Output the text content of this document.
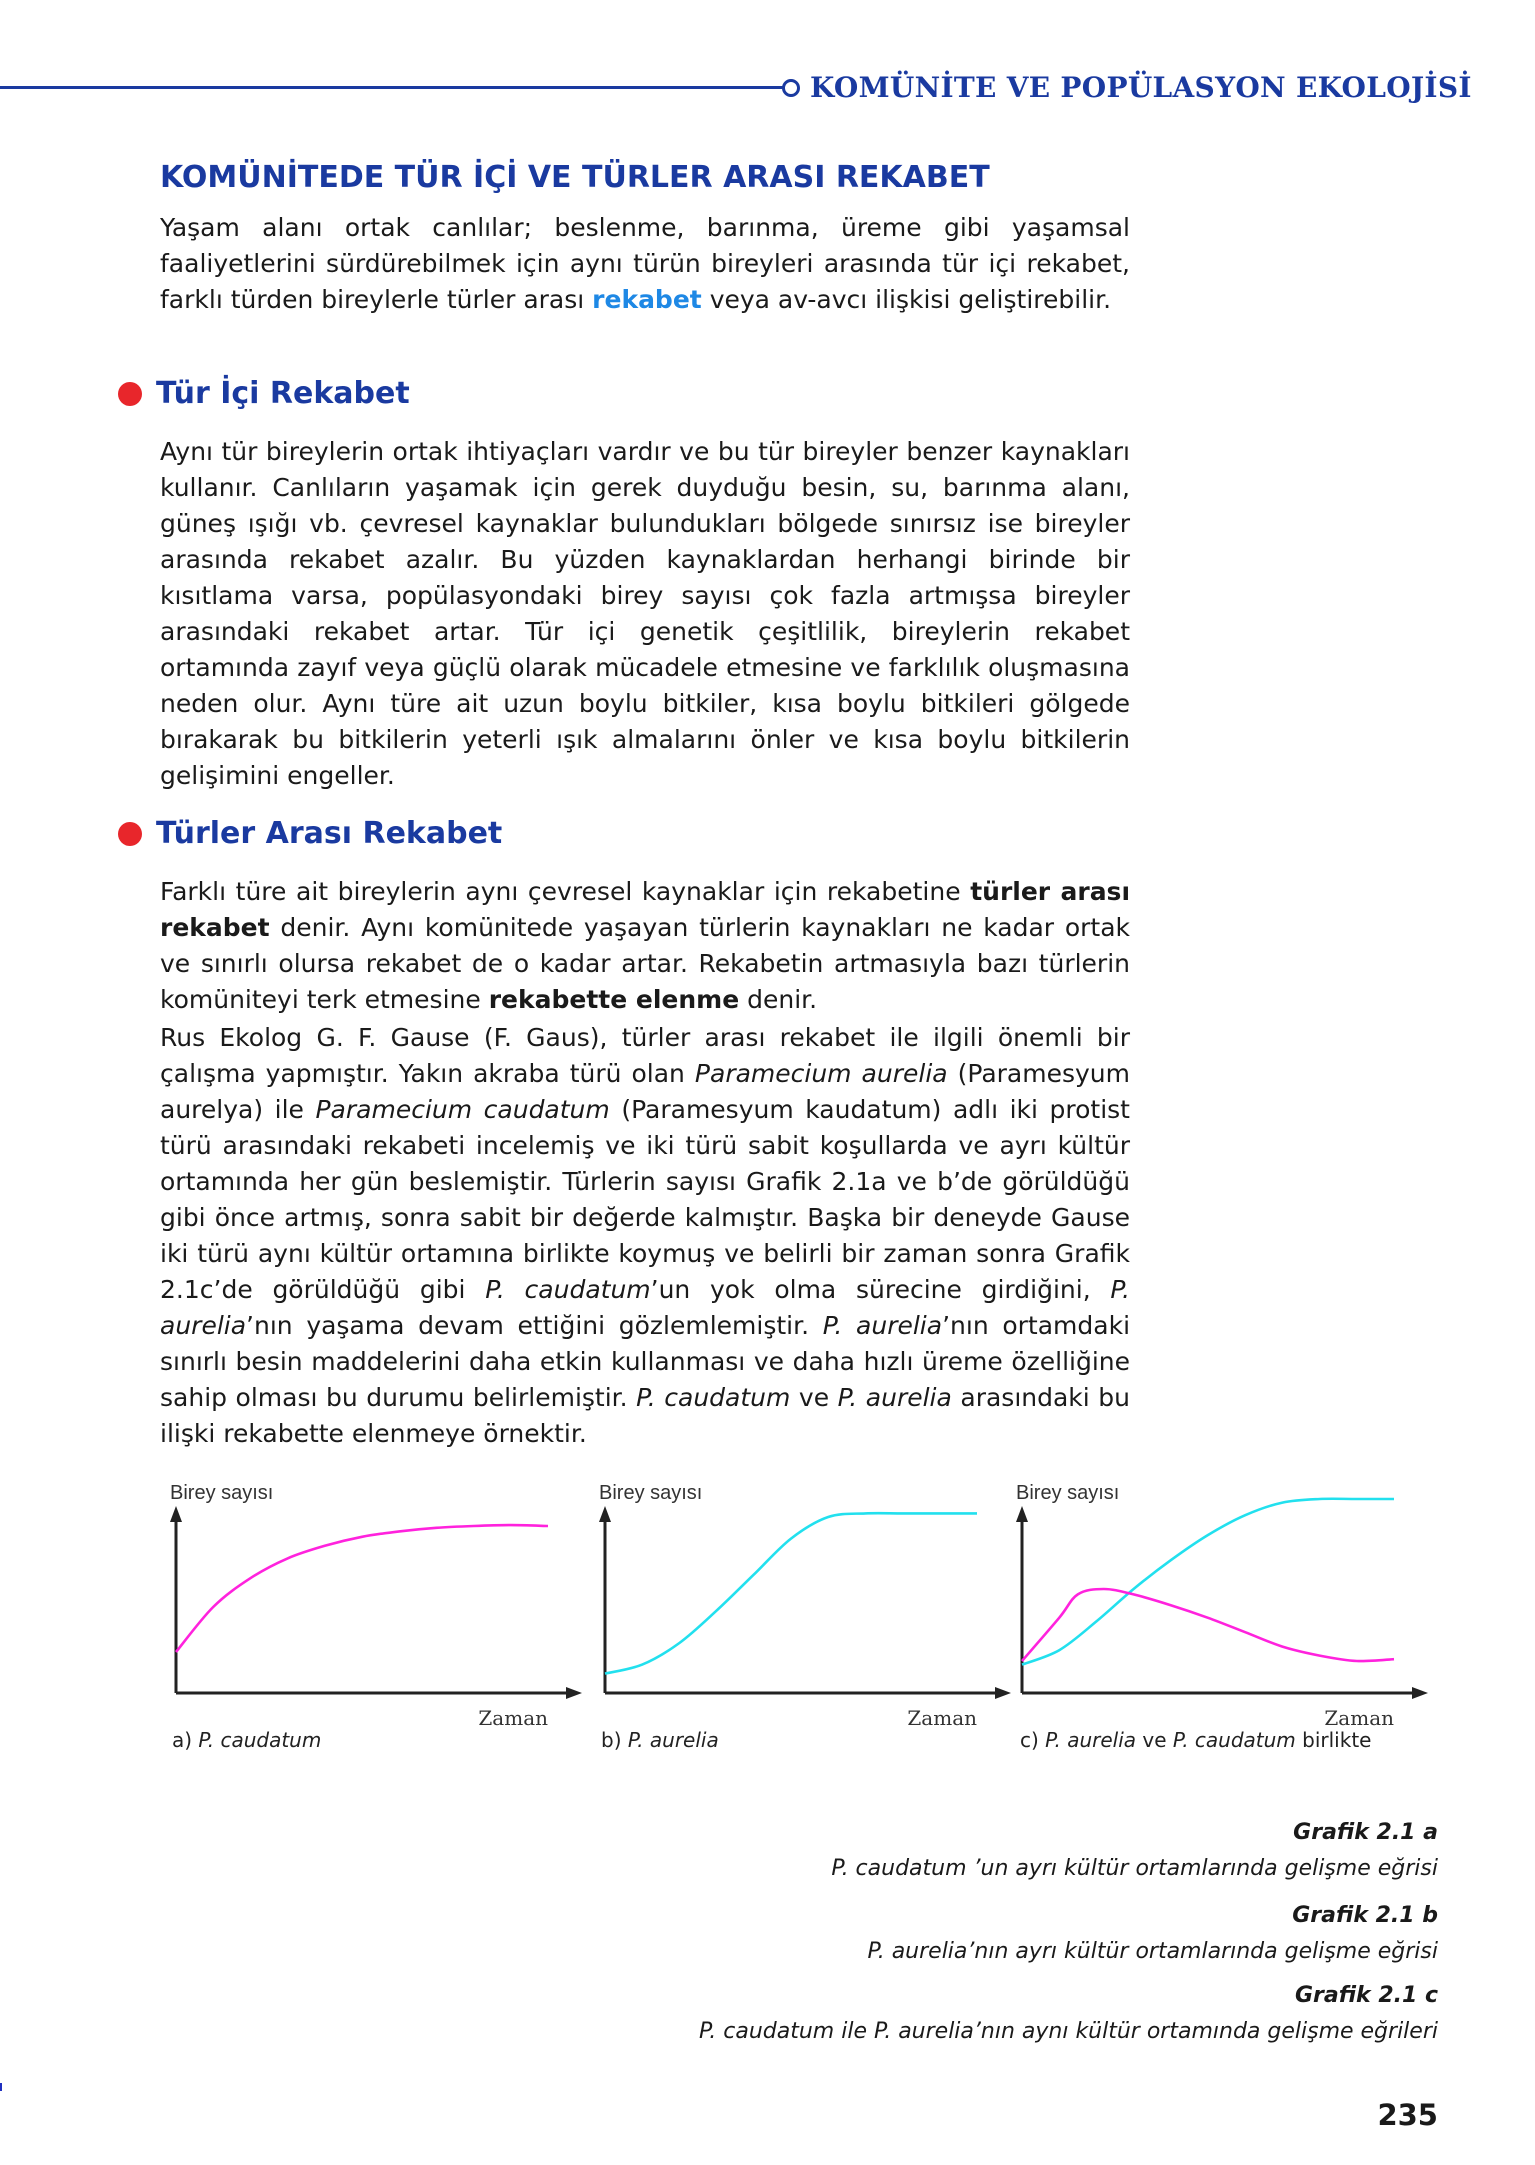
KOMÜNİTE VE POPÜLASYON EKOLOJİSİ
KOMÜNİTEDE TÜR İÇİ VE TÜRLER ARASI REKABET
Yaşam alanı ortak canlılar; beslenme, barınma, üreme gibi yaşamsal faaliyetlerini sürdürebilmek için aynı türün bireyleri arasında tür içi rekabet, farklı türden bireylerle türler arası rekabet veya av-avcı ilişkisi geliştirebilir.
Tür İçi Rekabet
Aynı tür bireylerin ortak ihtiyaçları vardır ve bu tür bireyler benzer kaynakları kullanır. Canlıların yaşamak için gerek duyduğu besin, su, barınma alanı, güneş ışığı vb. çevresel kaynaklar bulundukları bölgede sınırsız ise bireyler arasında rekabet azalır. Bu yüzden kaynaklardan herhangi birinde bir kısıtlama varsa, popülasyondaki birey sayısı çok fazla artmışsa bireyler arasındaki rekabet artar. Tür içi genetik çeşitlilik, bireylerin rekabet ortamında zayıf veya güçlü olarak mücadele etmesine ve farklılık oluşmasına neden olur. Aynı türe ait uzun boylu bitkiler, kısa boylu bitkileri gölgede bırakarak bu bitkilerin yeterli ışık almalarını önler ve kısa boylu bitkilerin gelişimini engeller.
Türler Arası Rekabet
Farklı türe ait bireylerin aynı çevresel kaynaklar için rekabetine türler arası rekabet denir. Aynı komünitede yaşayan türlerin kaynakları ne kadar ortak ve sınırlı olursa rekabet de o kadar artar. Rekabetin artmasıyla bazı türlerin komüniteyi terk etmesine rekabette elenme denir.
Rus Ekolog G. F. Gause (F. Gaus), türler arası rekabet ile ilgili önemli bir çalışma yapmıştır. Yakın akraba türü olan Paramecium aurelia (Paramesyum aurelya) ile Paramecium caudatum (Paramesyum kaudatum) adlı iki protist türü arasındaki rekabeti incelemiş ve iki türü sabit koşullarda ve ayrı kültür ortamında her gün beslemiştir. Türlerin sayısı Grafik 2.1a ve b’de görüldüğü gibi önce artmış, sonra sabit bir değerde kalmıştır. Başka bir deneyde Gause iki türü aynı kültür ortamına birlikte koymuş ve belirli bir zaman sonra Grafik 2.1c’de görüldüğü gibi P. caudatum’un yok olma sürecine girdiğini, P. aurelia’nın yaşama devam ettiğini gözlemlemiştir. P. aurelia’nın ortamdaki sınırlı besin maddelerini daha etkin kullanması ve daha hızlı üreme özelliğine sahip olması bu durumu belirlemiştir. P. caudatum ve P. aurelia arasındaki bu ilişki rekabette elenmeye örnektir.
Birey sayısı
Zaman
Birey sayısı
Zaman
Birey sayısı
Zaman
a) P. caudatum	b) P. aurelia	c) P. aurelia ve P. caudatum birlikte
Grafik 2.1 a
P. caudatum ’un ayrı kültür ortamlarında gelişme eğrisi
Grafik 2.1 b
P. aurelia’nın ayrı kültür ortamlarında gelişme eğrisi
Grafik 2.1 c
P. caudatum ile P. aurelia’nın aynı kültür ortamında gelişme eğrileri
235
